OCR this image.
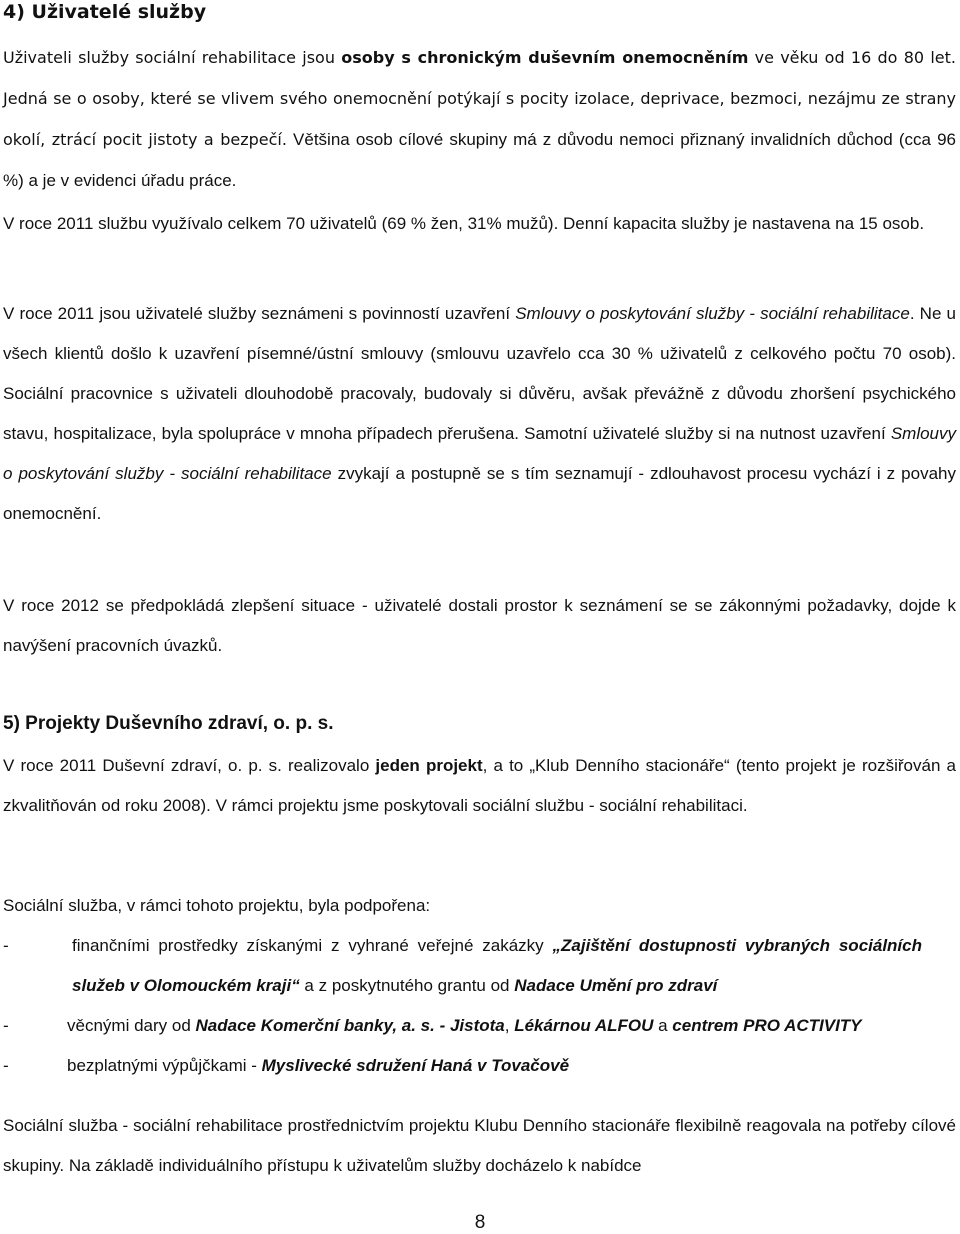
4) Uživatelé služby

Uživateli služby sociální rehabilitace jsou osoby s chronickým duševním onemocněním ve věku od 16 do 80 let. Jedná se o osoby, které se vlivem svého onemocnění potýkají s pocity izolace, deprivace, bezmoci, nezájmu ze strany okolí, ztrácí pocit jistoty a bezpečí. Většina osob cílové skupiny má z důvodu nemoci přiznaný invalidních důchod (cca 96 %) a je v evidenci úřadu práce.

V roce 2011 službu využívalo celkem 70 uživatelů (69 % žen, 31% mužů). Denní kapacita služby je nastavena na 15 osob.

V roce 2011 jsou uživatelé služby seznámeni s povinností uzavření Smlouvy o poskytování služby - sociální rehabilitace. Ne u všech klientů došlo k uzavření písemné/ústní smlouvy (smlouvu uzavřelo cca 30 % uživatelů z celkového počtu 70 osob). Sociální pracovnice s uživateli dlouhodobě pracovaly, budovaly si důvěru, avšak převážně z důvodu zhoršení psychického stavu, hospitalizace, byla spolupráce v mnoha případech přerušena. Samotní uživatelé služby si na nutnost uzavření Smlouvy o poskytování služby - sociální rehabilitace zvykají a postupně se s tím seznamují - zdlouhavost procesu vychází i z povahy onemocnění.

V roce 2012 se předpokládá zlepšení situace - uživatelé dostali prostor k seznámení se se zákonnými požadavky, dojde k navýšení pracovních úvazků.

5) Projekty Duševního zdraví, o. p. s.

V roce 2011 Duševní zdraví, o. p. s. realizovalo jeden projekt, a to „Klub Denního stacionáře“ (tento projekt je rozšiřován a zkvalitňován od roku 2008). V rámci projektu jsme poskytovali sociální službu - sociální rehabilitaci.

Sociální služba, v rámci tohoto projektu, byla podpořena:

-	finančními prostředky získanými z vyhrané veřejné zakázky „Zajištění dostupnosti vybraných sociálních služeb v Olomouckém kraji“ a z poskytnutého grantu od Nadace Umění pro zdraví
-	věcnými dary od Nadace Komerční banky, a. s. - Jistota, Lékárnou ALFOU a centrem PRO ACTIVITY
-	bezplatnými výpůjčkami - Myslivecké sdružení Haná v Tovačově

Sociální služba - sociální rehabilitace prostřednictvím projektu Klubu Denního stacionáře flexibilně reagovala na potřeby cílové skupiny. Na základě individuálního přístupu k uživatelům služby docházelo k nabídce

8
